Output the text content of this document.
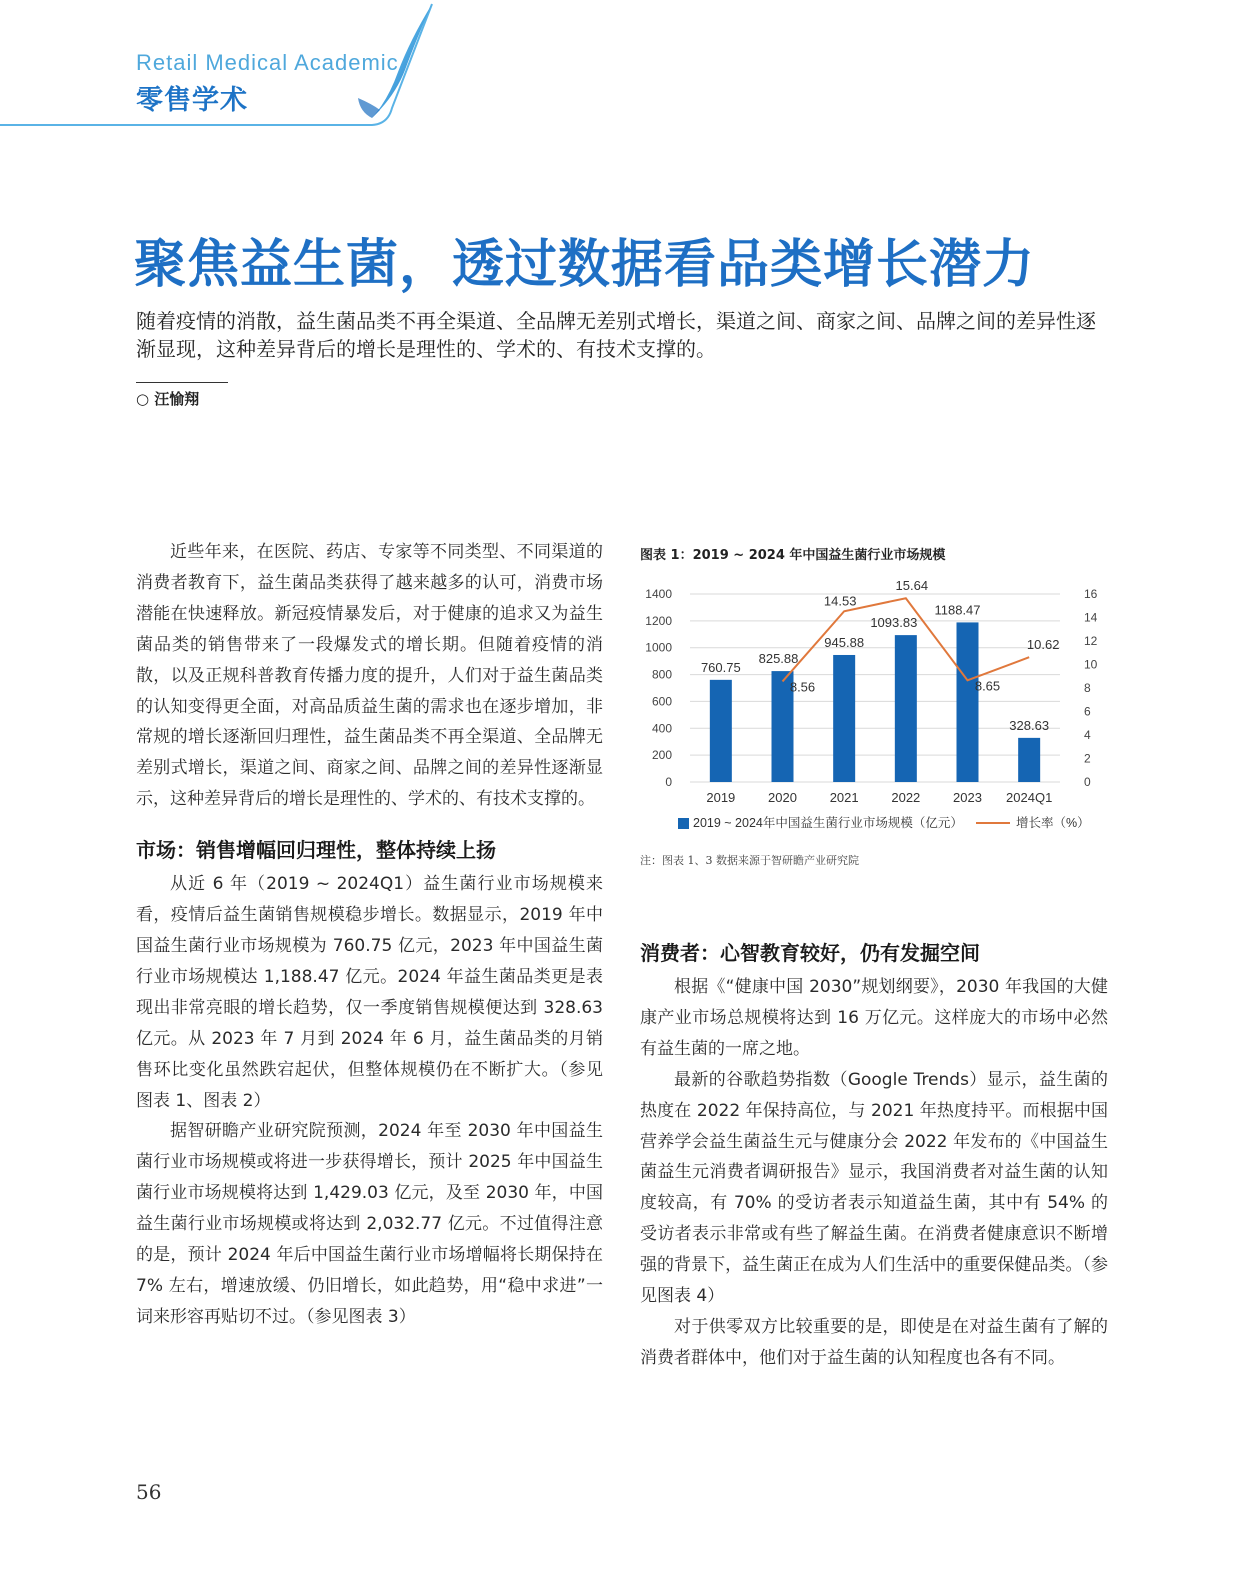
Retail Medical Academic
零售学术
聚焦益生菌，透过数据看品类增长潜力
随着疫情的消散，益生菌品类不再全渠道、全品牌无差别式增长，渠道之间、商家之间、品牌之间的差异性逐渐显现，这种差异背后的增长是理性的、学术的、有技术支撑的。
○ 汪愉翔

近些年来，在医院、药店、专家等不同类型、不同渠道的消费者教育下，益生菌品类获得了越来越多的认可，消费市场潜能在快速释放。新冠疫情暴发后，对于健康的追求又为益生菌品类的销售带来了一段爆发式的增长期。但随着疫情的消散，以及正规科普教育传播力度的提升，人们对于益生菌品类的认知变得更全面，对高品质益生菌的需求也在逐步增加，非常规的增长逐渐回归理性，益生菌品类不再全渠道、全品牌无差别式增长，渠道之间、商家之间、品牌之间的差异性逐渐显示，这种差异背后的增长是理性的、学术的、有技术支撑的。

市场：销售增幅回归理性，整体持续上扬

从近 6 年（2019 ~ 2024Q1）益生菌行业市场规模来看，疫情后益生菌销售规模稳步增长。数据显示，2019 年中国益生菌行业市场规模为 760.75 亿元，2023 年中国益生菌行业市场规模达 1,188.47 亿元。2024 年益生菌品类更是表现出非常亮眼的增长趋势，仅一季度销售规模便达到 328.63 亿元。从 2023 年 7 月到 2024 年 6 月，益生菌品类的月销售环比变化虽然跌宕起伏，但整体规模仍在不断扩大。（参见图表 1、图表 2）

据智研瞻产业研究院预测，2024 年至 2030 年中国益生菌行业市场规模或将进一步获得增长，预计 2025 年中国益生菌行业市场规模将达到 1,429.03 亿元，及至 2030 年，中国益生菌行业市场规模或将达到 2,032.77 亿元。不过值得注意的是，预计 2024 年后中国益生菌行业市场增幅将长期保持在 7% 左右，增速放缓、仍旧增长，如此趋势，用“稳中求进”一词来形容再贴切不过。（参见图表 3）

图表 1：2019 ~ 2024 年中国益生菌行业市场规模
0
200
400
600
800
1000
1200
1400
0
2
4
6
8
10
12
14
16
760.75
825.88
945.88
1093.83
1188.47
328.63
8.56
14.53
15.64
8.65
10.62
2019	2020	2021	2022	2023 2024Q1
2019 ~ 2024年中国益生菌行业市场规模（亿元）	增长率（%）
注：图表 1、3 数据来源于智研瞻产业研究院
消费者：心智教育较好，仍有发掘空间

根据《“健康中国 2030”规划纲要》，2030 年我国的大健康产业市场总规模将达到 16 万亿元。这样庞大的市场中必然有益生菌的一席之地。

最新的谷歌趋势指数（Google Trends）显示，益生菌的热度在 2022 年保持高位，与 2021 年热度持平。而根据中国营养学会益生菌益生元与健康分会 2022 年发布的《中国益生菌益生元消费者调研报告》显示，我国消费者对益生菌的认知度较高，有 70% 的受访者表示知道益生菌，其中有 54% 的受访者表示非常或有些了解益生菌。在消费者健康意识不断增强的背景下，益生菌正在成为人们生活中的重要保健品类。（参见图表 4）

对于供零双方比较重要的是，即使是在对益生菌有了解的消费者群体中，他们对于益生菌的认知程度也各有不同。

56
